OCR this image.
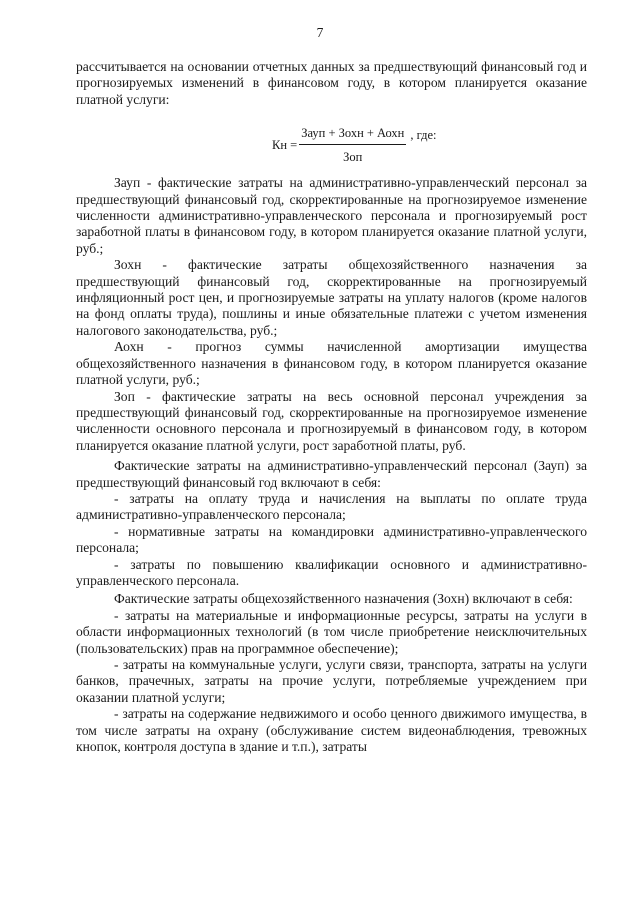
7

рассчитывается на основании отчетных данных за предшествующий финансовый год и прогнозируемых изменений в финансовом году, в котором планируется оказание платной услуги:

Кн = $\frac{\text{Зауп + Зохн + Аохн}}{\text{Зоп}}$ , где:

Зауп - фактические затраты на административно-управленческий персонал за предшествующий финансовый год, скорректированные на прогнозируемое изменение численности административно-управленческого персонала и прогнозируемый рост заработной платы в финансовом году, в котором планируется оказание платной услуги, руб.;

Зохн - фактические затраты общехозяйственного назначения за предшествующий финансовый год, скорректированные на прогнозируемый инфляционный рост цен, и прогнозируемые затраты на уплату налогов (кроме налогов на фонд оплаты труда), пошлины и иные обязательные платежи с учетом изменения налогового законодательства, руб.;

Аохн - прогноз суммы начисленной амортизации имущества общехозяйственного назначения в финансовом году, в котором планируется оказание платной услуги, руб.;

Зоп - фактические затраты на весь основной персонал учреждения за предшествующий финансовый год, скорректированные на прогнозируемое изменение численности основного персонала и прогнозируемый в финансовом году, в котором планируется оказание платной услуги, рост заработной платы, руб.

Фактические затраты на административно-управленческий персонал (Зауп) за предшествующий финансовый год включают в себя:

- затраты на оплату труда и начисления на выплаты по оплате труда административно-управленческого персонала;

- нормативные затраты на командировки административно-управленческого персонала;

- затраты по повышению квалификации основного и административно-управленческого персонала.

Фактические затраты общехозяйственного назначения (Зохн) включают в себя:

- затраты на материальные и информационные ресурсы, затраты на услуги в области информационных технологий (в том числе приобретение неисключительных (пользовательских) прав на программное обеспечение);

- затраты на коммунальные услуги, услуги связи, транспорта, затраты на услуги банков, прачечных, затраты на прочие услуги, потребляемые учреждением при оказании платной услуги;

- затраты на содержание недвижимого и особо ценного движимого имущества, в том числе затраты на охрану (обслуживание систем видеонаблюдения, тревожных кнопок, контроля доступа в здание и т.п.), затраты
